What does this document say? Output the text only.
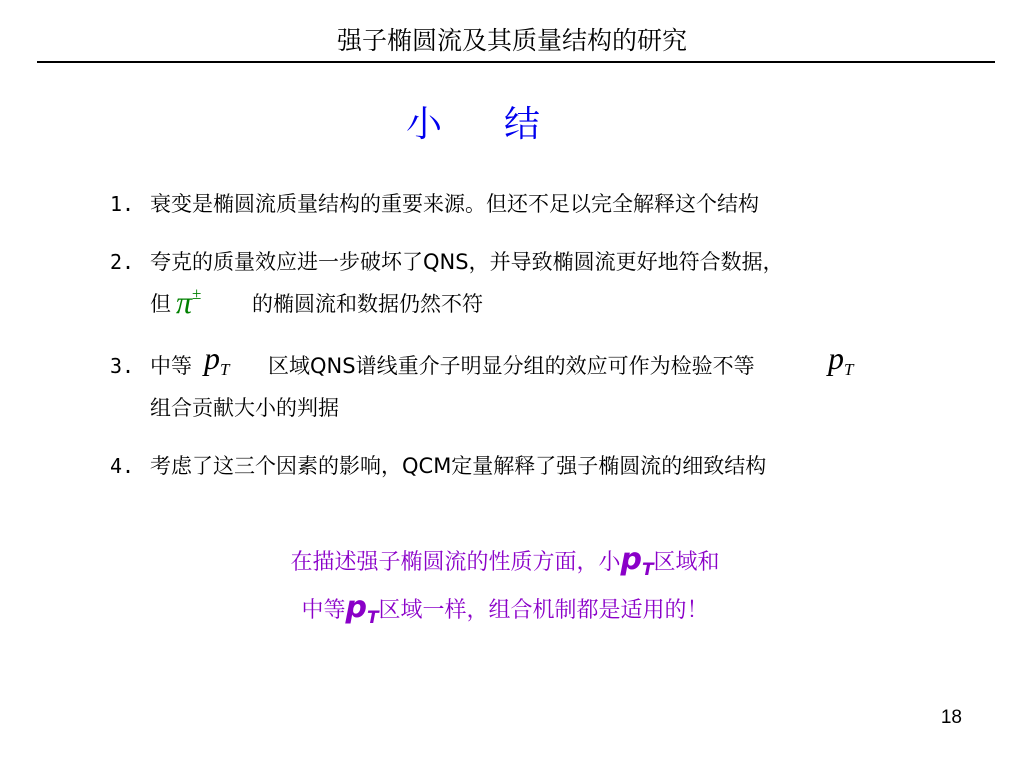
强子椭圆流及其质量结构的研究
小结
1. 衰变是椭圆流质量结构的重要来源。但还不足以完全解释这个结构
2. 夸克的质量效应进一步破坏了QNS，并导致椭圆流更好地符合数据，
但 π± 的椭圆流和数据仍然不符
3. 中等 $p_T$ 区域QNS谱线重介子明显分组的效应可作为检验不等 $p_T$
组合贡献大小的判据
4. 考虑了这三个因素的影响，QCM定量解释了强子椭圆流的细致结构
在描述强子椭圆流的性质方面，小$p_T$区域和
中等$p_T$区域一样，组合机制都是适用的！
18
